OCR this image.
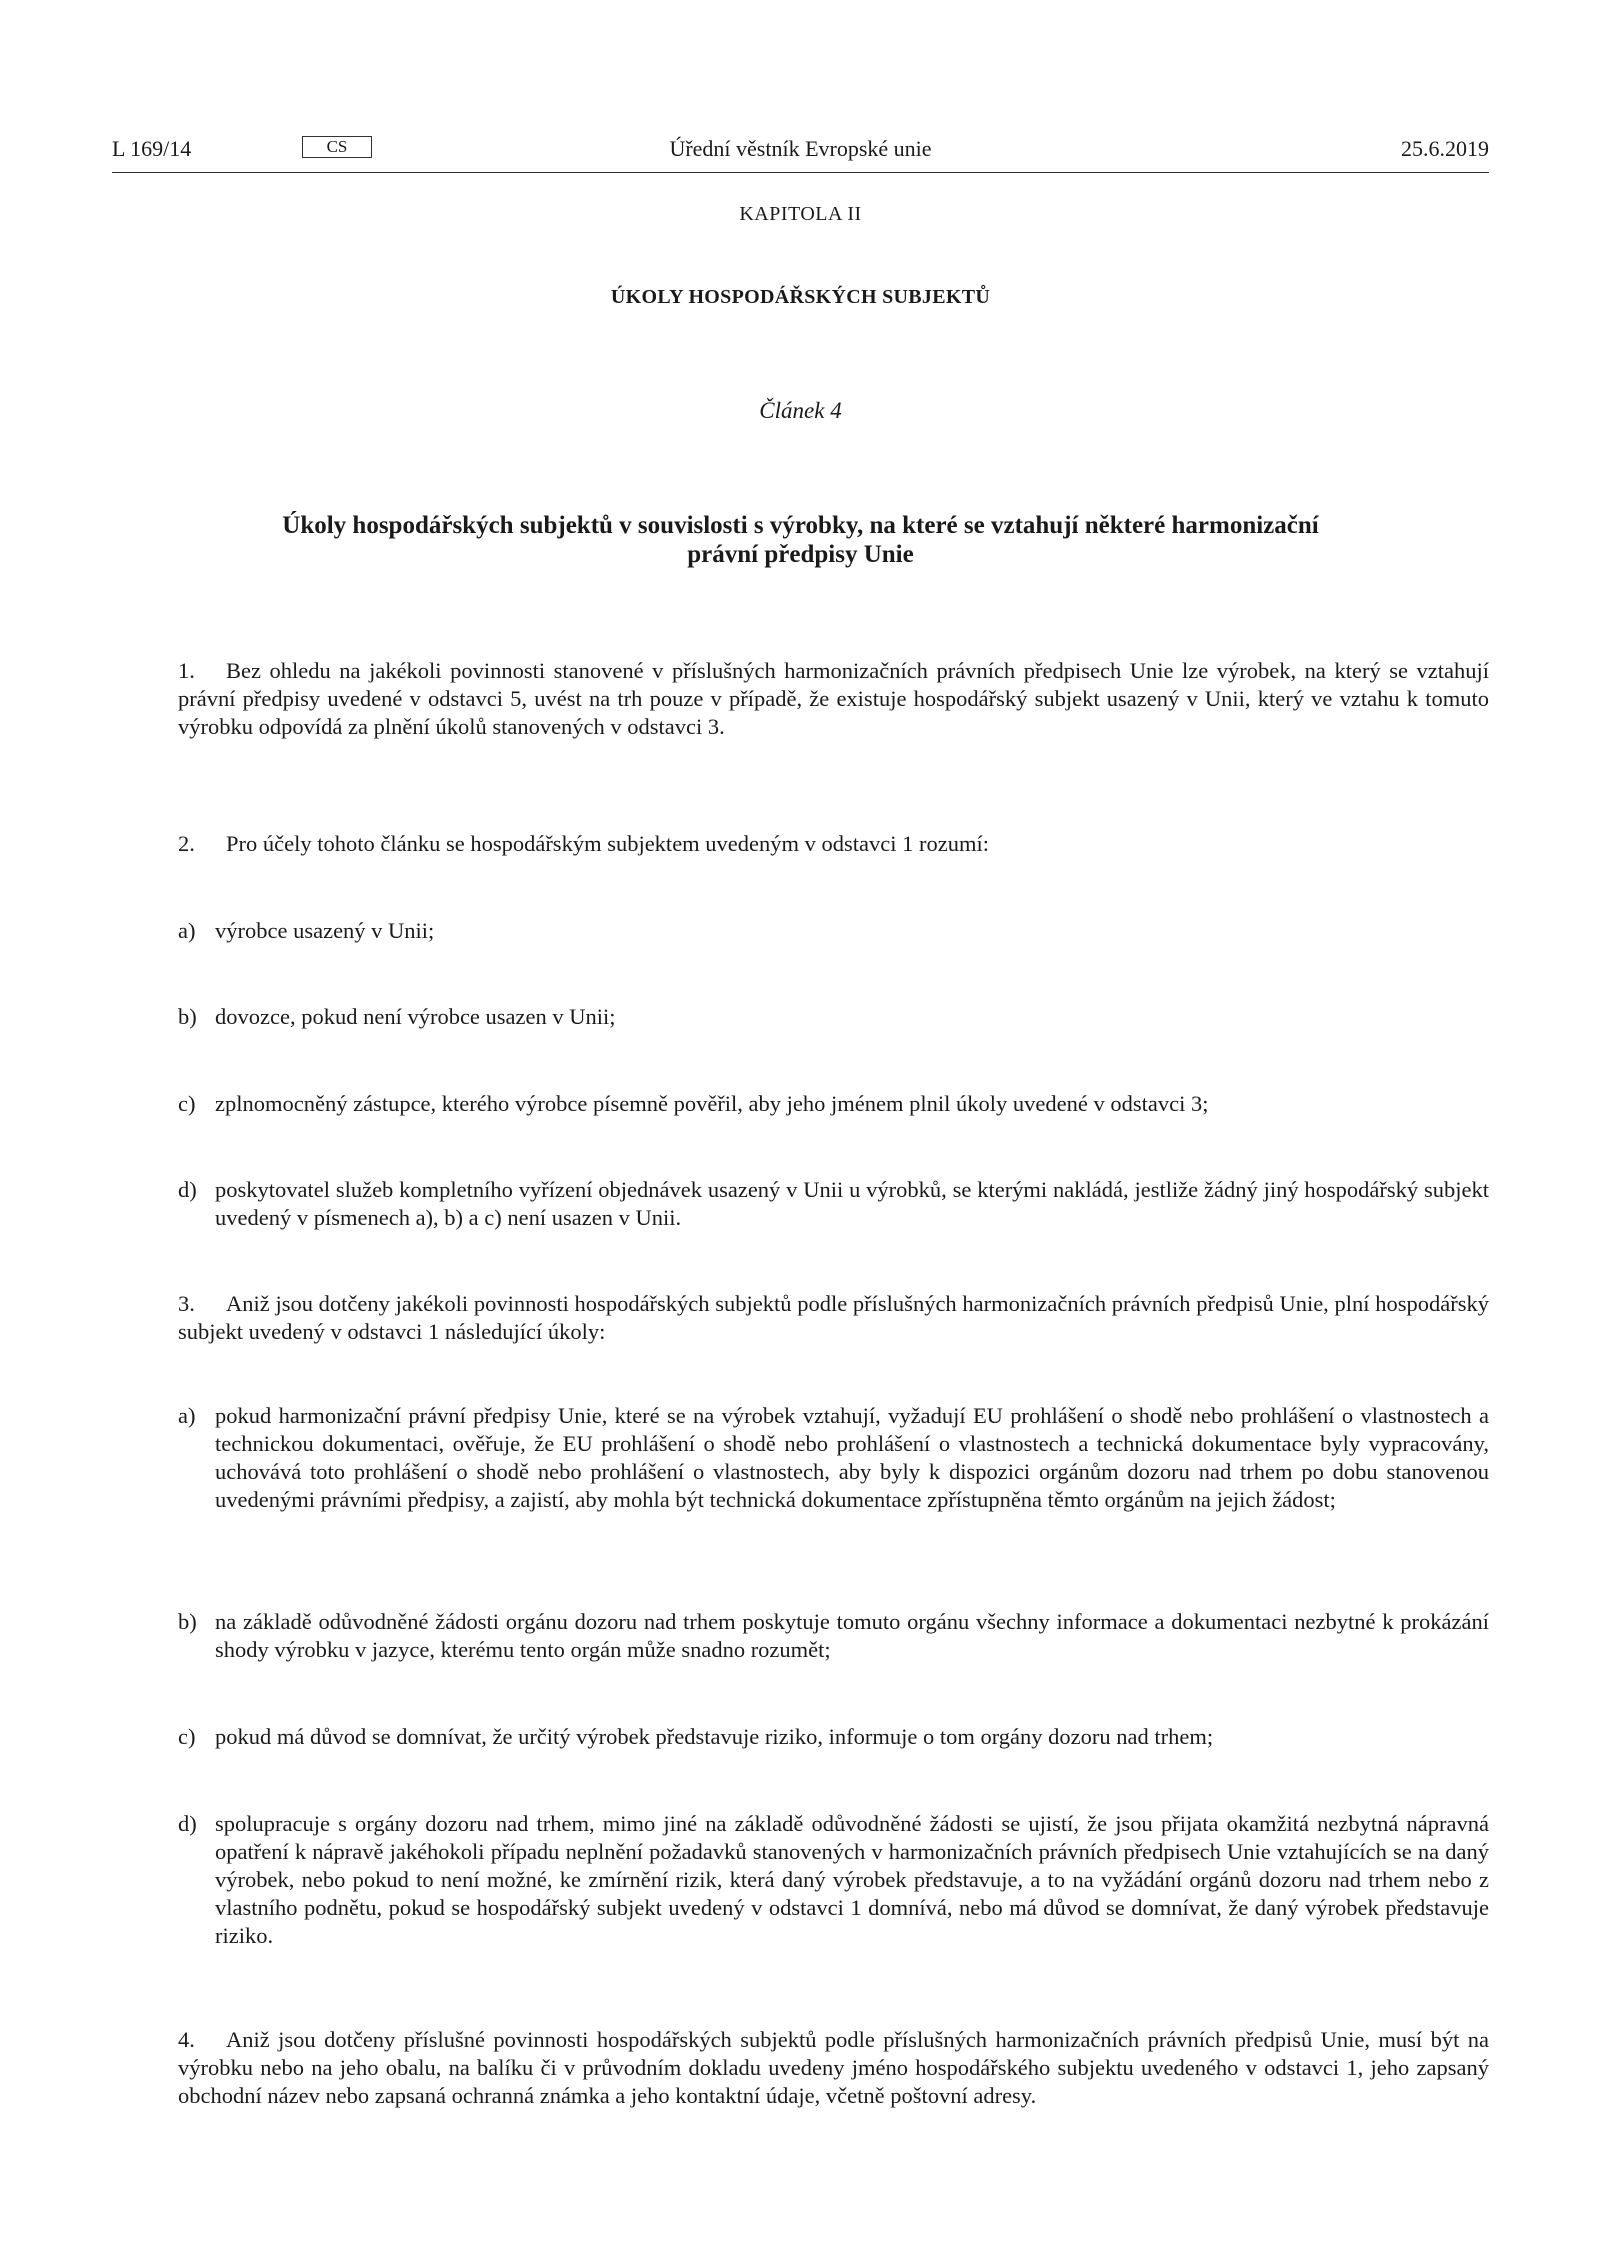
L 169/14	CS	Úřední věstník Evropské unie	25.6.2019
KAPITOLA II
ÚKOLY HOSPODÁŘSKÝCH SUBJEKTŮ
Článek 4
Úkoly hospodářských subjektů v souvislosti s výrobky, na které se vztahují některé harmonizační
právní předpisy Unie
1. Bez ohledu na jakékoli povinnosti stanovené v příslušných harmonizačních právních předpisech Unie lze výrobek, na který se vztahují právní předpisy uvedené v odstavci 5, uvést na trh pouze v případě, že existuje hospodářský subjekt usazený v Unii, který ve vztahu k tomuto výrobku odpovídá za plnění úkolů stanovených v odstavci 3.
2. Pro účely tohoto článku se hospodářským subjektem uvedeným v odstavci 1 rozumí:
a) výrobce usazený v Unii;
b) dovozce, pokud není výrobce usazen v Unii;
c) zplnomocněný zástupce, kterého výrobce písemně pověřil, aby jeho jménem plnil úkoly uvedené v odstavci 3;
d) poskytovatel služeb kompletního vyřízení objednávek usazený v Unii u výrobků, se kterými nakládá, jestliže žádný jiný hospodářský subjekt uvedený v písmenech a), b) a c) není usazen v Unii.
3. Aniž jsou dotčeny jakékoli povinnosti hospodářských subjektů podle příslušných harmonizačních právních předpisů Unie, plní hospodářský subjekt uvedený v odstavci 1 následující úkoly:
a) pokud harmonizační právní předpisy Unie, které se na výrobek vztahují, vyžadují EU prohlášení o shodě nebo prohlášení o vlastnostech a technickou dokumentaci, ověřuje, že EU prohlášení o shodě nebo prohlášení o vlastnostech a technická dokumentace byly vypracovány, uchovává toto prohlášení o shodě nebo prohlášení o vlastnostech, aby byly k dispozici orgánům dozoru nad trhem po dobu stanovenou uvedenými právními předpisy, a zajistí, aby mohla být technická dokumentace zpřístupněna těmto orgánům na jejich žádost;
b) na základě odůvodněné žádosti orgánu dozoru nad trhem poskytuje tomuto orgánu všechny informace a dokumentaci nezbytné k prokázání shody výrobku v jazyce, kterému tento orgán může snadno rozumět;
c) pokud má důvod se domnívat, že určitý výrobek představuje riziko, informuje o tom orgány dozoru nad trhem;
d) spolupracuje s orgány dozoru nad trhem, mimo jiné na základě odůvodněné žádosti se ujistí, že jsou přijata okamžitá nezbytná nápravná opatření k nápravě jakéhokoli případu neplnění požadavků stanovených v harmonizačních právních předpisech Unie vztahujících se na daný výrobek, nebo pokud to není možné, ke zmírnění rizik, která daný výrobek představuje, a to na vyžádání orgánů dozoru nad trhem nebo z vlastního podnětu, pokud se hospodářský subjekt uvedený v odstavci 1 domnívá, nebo má důvod se domnívat, že daný výrobek představuje riziko.
4. Aniž jsou dotčeny příslušné povinnosti hospodářských subjektů podle příslušných harmonizačních právních předpisů Unie, musí být na výrobku nebo na jeho obalu, na balíku či v průvodním dokladu uvedeny jméno hospodářského subjektu uvedeného v odstavci 1, jeho zapsaný obchodní název nebo zapsaná ochranná známka a jeho kontaktní údaje, včetně poštovní adresy.
